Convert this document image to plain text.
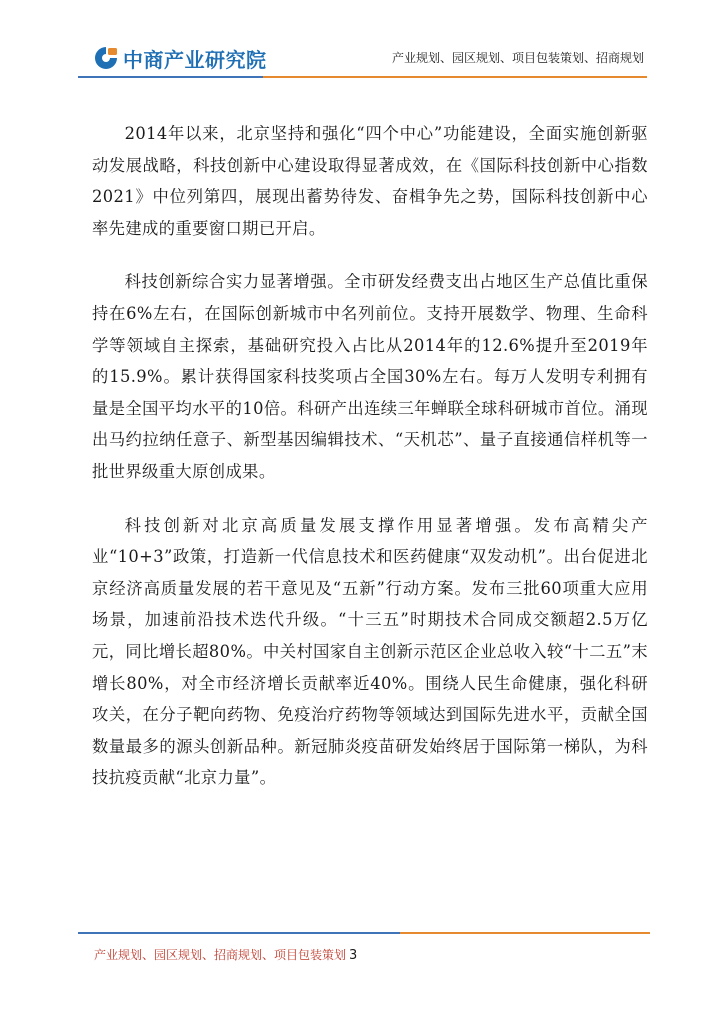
中商产业研究院	产业规划、园区规划、项目包装策划、招商规划

2014年以来，北京坚持和强化“四个中心”功能建设，全面实施创新驱动发展战略，科技创新中心建设取得显著成效，在《国际科技创新中心指数2021》中位列第四，展现出蓄势待发、奋楫争先之势，国际科技创新中心率先建成的重要窗口期已开启。

科技创新综合实力显著增强。全市研发经费支出占地区生产总值比重保持在6%左右，在国际创新城市中名列前位。支持开展数学、物理、生命科学等领域自主探索，基础研究投入占比从2014年的12.6%提升至2019年的15.9%。累计获得国家科技奖项占全国30%左右。每万人发明专利拥有量是全国平均水平的10倍。科研产出连续三年蝉联全球科研城市首位。涌现出马约拉纳任意子、新型基因编辑技术、“天机芯”、量子直接通信样机等一批世界级重大原创成果。

科技创新对北京高质量发展支撑作用显著增强。发布高精尖产业“10+3”政策，打造新一代信息技术和医药健康“双发动机”。出台促进北京经济高质量发展的若干意见及“五新”行动方案。发布三批60项重大应用场景，加速前沿技术迭代升级。“十三五”时期技术合同成交额超2.5万亿元，同比增长超80%。中关村国家自主创新示范区企业总收入较“十二五”末增长80%，对全市经济增长贡献率近40%。围绕人民生命健康，强化科研攻关，在分子靶向药物、免疫治疗药物等领域达到国际先进水平，贡献全国数量最多的源头创新品种。新冠肺炎疫苗研发始终居于国际第一梯队，为科技抗疫贡献“北京力量”。

产业规划、园区规划、招商规划、项目包装策划 3
